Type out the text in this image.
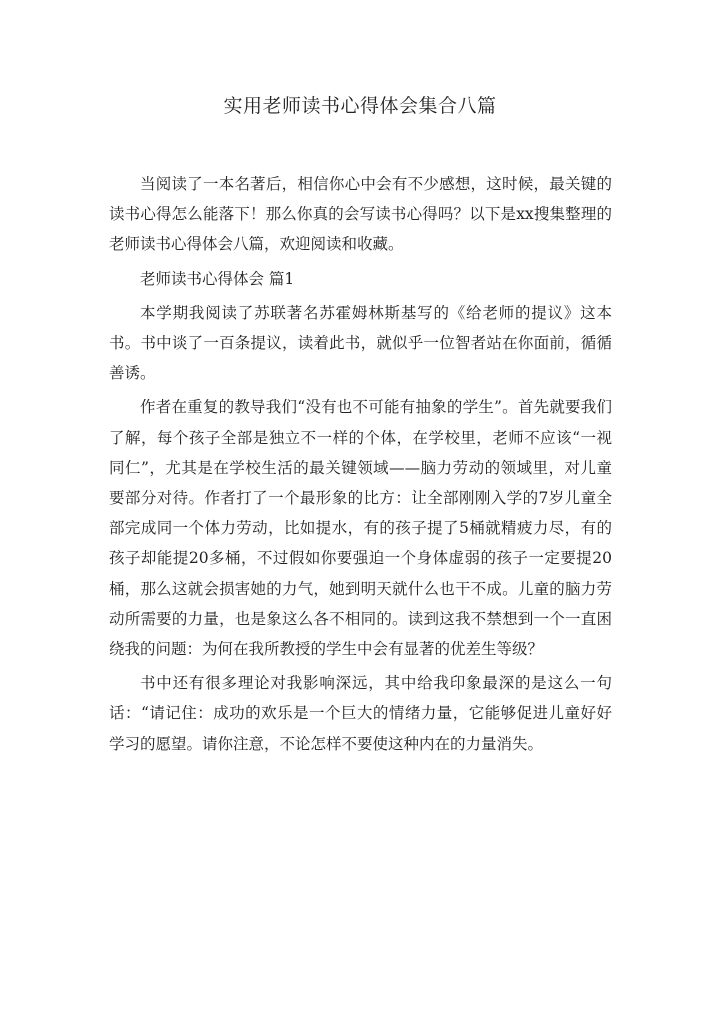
实用老师读书心得体会集合八篇

当阅读了一本名著后，相信你心中会有不少感想，这时候，最关键的读书心得怎么能落下！那么你真的会写读书心得吗？以下是xx搜集整理的老师读书心得体会八篇，欢迎阅读和收藏。

老师读书心得体会 篇1

本学期我阅读了苏联著名苏霍姆林斯基写的《给老师的提议》这本书。书中谈了一百条提议，读着此书，就似乎一位智者站在你面前，循循善诱。

作者在重复的教导我们“没有也不可能有抽象的学生”。首先就要我们了解，每个孩子全部是独立不一样的个体，在学校里，老师不应该“一视同仁”，尤其是在学校生活的最关键领域——脑力劳动的领域里，对儿童要部分对待。作者打了一个最形象的比方：让全部刚刚入学的7岁儿童全部完成同一个体力劳动，比如提水，有的孩子提了5桶就精疲力尽，有的孩子却能提20多桶，不过假如你要强迫一个身体虚弱的孩子一定要提20桶，那么这就会损害她的力气，她到明天就什么也干不成。儿童的脑力劳动所需要的力量，也是象这么各不相同的。读到这我不禁想到一个一直困绕我的问题：为何在我所教授的学生中会有显著的优差生等级？

书中还有很多理论对我影响深远，其中给我印象最深的是这么一句话：“请记住：成功的欢乐是一个巨大的情绪力量，它能够促进儿童好好学习的愿望。请你注意，不论怎样不要使这种内在的力量消失。
